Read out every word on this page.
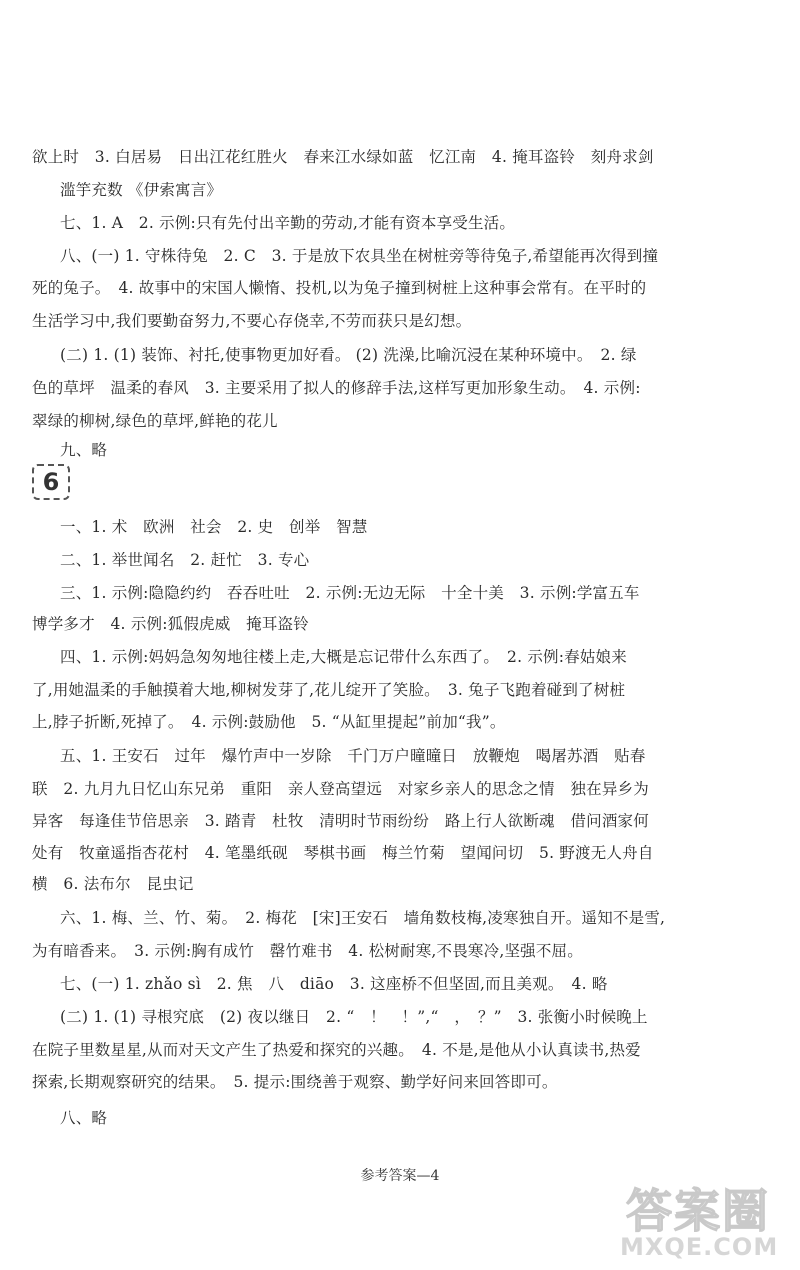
欲上时　3. 白居易　日出江花红胜火　春来江水绿如蓝　忆江南　4. 掩耳盗铃　刻舟求剑
滥竽充数 《伊索寓言》
七、1. A　2. 示例:只有先付出辛勤的劳动,才能有资本享受生活。
八、(一) 1. 守株待兔　2. C　3. 于是放下农具坐在树桩旁等待兔子,希望能再次得到撞
死的兔子。　4. 故事中的宋国人懒惰、投机,以为兔子撞到树桩上这种事会常有。在平时的
生活学习中,我们要勤奋努力,不要心存侥幸,不劳而获只是幻想。
(二) 1. (1) 装饰、衬托,使事物更加好看。 (2) 洗澡,比喻沉浸在某种环境中。　2. 绿
色的草坪　温柔的春风　3. 主要采用了拟人的修辞手法,这样写更加形象生动。　4. 示例:
翠绿的柳树,绿色的草坪,鲜艳的花儿
九、略
6
一、1. 术　欧洲　社会　2. 史　创举　智慧
二、1. 举世闻名　2. 赶忙　3. 专心
三、1. 示例:隐隐约约　吞吞吐吐　2. 示例:无边无际　十全十美　3. 示例:学富五车
博学多才　4. 示例:狐假虎威　掩耳盗铃
四、1. 示例:妈妈急匆匆地往楼上走,大概是忘记带什么东西了。　2. 示例:春姑娘来
了,用她温柔的手触摸着大地,柳树发芽了,花儿绽开了笑脸。　3. 兔子飞跑着碰到了树桩
上,脖子折断,死掉了。　4. 示例:鼓励他　5. “从缸里提起”前加“我”。
五、1. 王安石　过年　爆竹声中一岁除　千门万户曈曈日　放鞭炮　喝屠苏酒　贴春
联　2. 九月九日忆山东兄弟　重阳　亲人登高望远　对家乡亲人的思念之情　独在异乡为
异客　每逢佳节倍思亲　3. 踏青　杜牧　清明时节雨纷纷　路上行人欲断魂　借问酒家何
处有　牧童遥指杏花村　4. 笔墨纸砚　琴棋书画　梅兰竹菊　望闻问切　5. 野渡无人舟自
横　6. 法布尔　昆虫记
六、1. 梅、兰、竹、菊。　2. 梅花　[宋]王安石　墙角数枝梅,凌寒独自开。遥知不是雪,
为有暗香来。　3. 示例:胸有成竹　罄竹难书　4. 松树耐寒,不畏寒冷,坚强不屈。
七、(一) 1. zhǎo sì　2. 焦　八　diāo　3. 这座桥不但坚固,而且美观。　4. 略
(二) 1. (1) 寻根究底　(2) 夜以继日　2. “　！　！”,“　，　？”　3. 张衡小时候晚上
在院子里数星星,从而对天文产生了热爱和探究的兴趣。　4. 不是,是他从小认真读书,热爱
探索,长期观察研究的结果。　5. 提示:围绕善于观察、勤学好问来回答即可。
八、略
参考答案—4
答案圈
MXQE.COM
